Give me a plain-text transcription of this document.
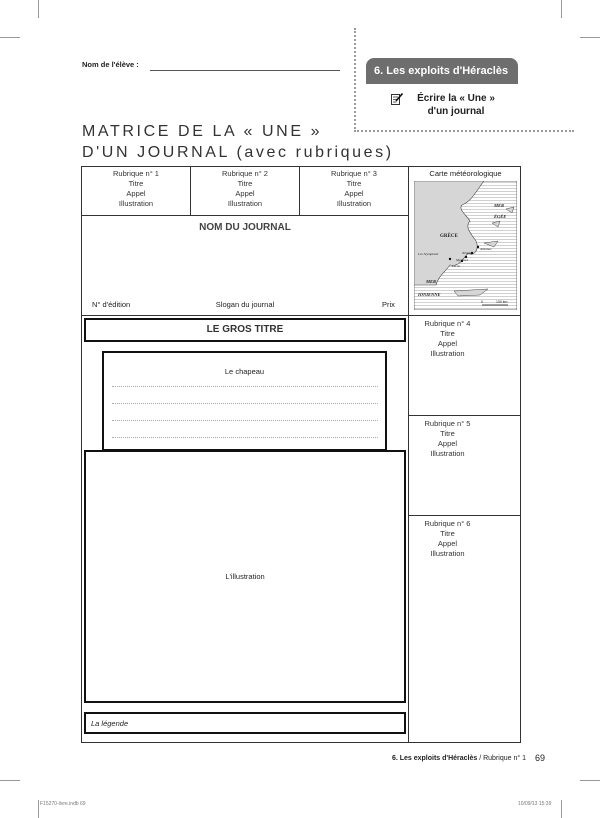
Nom de l'élève :
6. Les exploits d'Héraclès
Écrire la « Une »
d'un journal
MATRICE DE LA « UNE »
D'UN JOURNAL (avec rubriques)
Rubrique n° 1
Titre
Appel
Illustration
Rubrique n° 2
Titre
Appel
Illustration
Rubrique n° 3
Titre
Appel
Illustration
Carte météorologique
MER
ÉGÉE
GRÈCE
Athènes
Némée
Mycènes
Lerne
Les Stymphale
MER
IONIENNE
0	100 km
NOM DU JOURNAL
N° d'édition	Slogan du journal	Prix
LE GROS TITRE
Le chapeau
L'illustration
La légende
Rubrique n° 4
Titre
Appel
Illustration
Rubrique n° 5
Titre
Appel
Illustration
Rubrique n° 6
Titre
Appel
Illustration
6. Les exploits d'Héraclès / Rubrique n° 1 69
F15270-livre.indb 69	10/09/13 15:39
